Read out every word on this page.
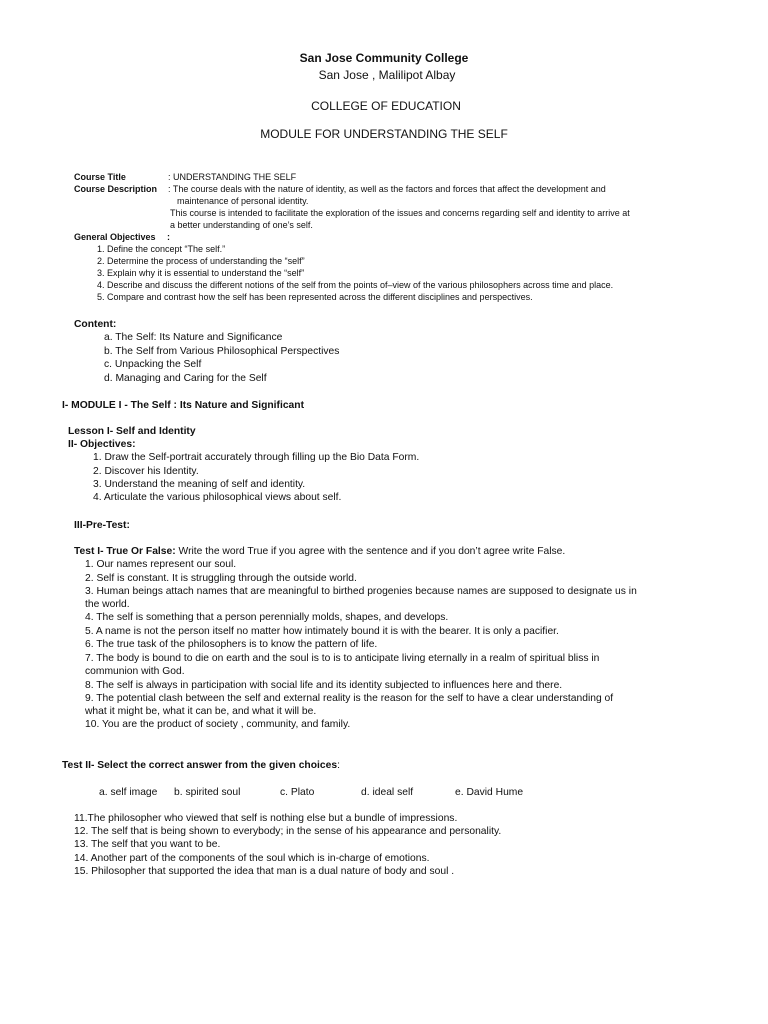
San Jose Community College
San Jose , Malilipot Albay
COLLEGE OF EDUCATION
MODULE FOR UNDERSTANDING THE SELF
Course Title	: UNDERSTANDING THE SELF
Course Description : The course deals with the nature of identity, as well as the factors and forces that affect the development and
maintenance of personal identity.
This course is intended to facilitate the exploration of the issues and concerns regarding self and identity to arrive at
a better understanding of one’s self.
General Objectives :
1. Define the concept “The self.”
2. Determine the process of understanding the “self”
3. Explain why it is essential to understand the “self”
4. Describe and discuss the different notions of the self from the points of–view of the various philosophers across time and place.
5. Compare and contrast how the self has been represented across the different disciplines and perspectives.
Content:
a. The Self: Its Nature and Significance
b. The Self from Various Philosophical Perspectives
c. Unpacking the Self
d. Managing and Caring for the Self
I- MODULE I - The Self : Its Nature and Significant
Lesson I- Self and Identity
II- Objectives:
1. Draw the Self-portrait accurately through filling up the Bio Data Form.
2. Discover his Identity.
3. Understand the meaning of self and identity.
4. Articulate the various philosophical views about self.
III-Pre-Test:
Test I- True Or False: Write the word True if you agree with the sentence and if you don’t agree write False.
1. Our names represent our soul.
2. Self is constant. It is struggling through the outside world.
3. Human beings attach names that are meaningful to birthed progenies because names are supposed to designate us in
the world.
4. The self is something that a person perennially molds, shapes, and develops.
5. A name is not the person itself no matter how intimately bound it is with the bearer. It is only a pacifier.
6. The true task of the philosophers is to know the pattern of life.
7. The body is bound to die on earth and the soul is to is to anticipate living eternally in a realm of spiritual bliss in
communion with God.
8. The self is always in participation with social life and its identity subjected to influences here and there.
9. The potential clash between the self and external reality is the reason for the self to have a clear understanding of
what it might be, what it can be, and what it will be.
10. You are the product of society , community, and family.
Test II- Select the correct answer from the given choices:
a. self image b. spirited soul	c. Plato	d. ideal self	e. David Hume
11.The philosopher who viewed that self is nothing else but a bundle of impressions.
12. The self that is being shown to everybody; in the sense of his appearance and personality.
13. The self that you want to be.
14. Another part of the components of the soul which is in-charge of emotions.
15. Philosopher that supported the idea that man is a dual nature of body and soul .
